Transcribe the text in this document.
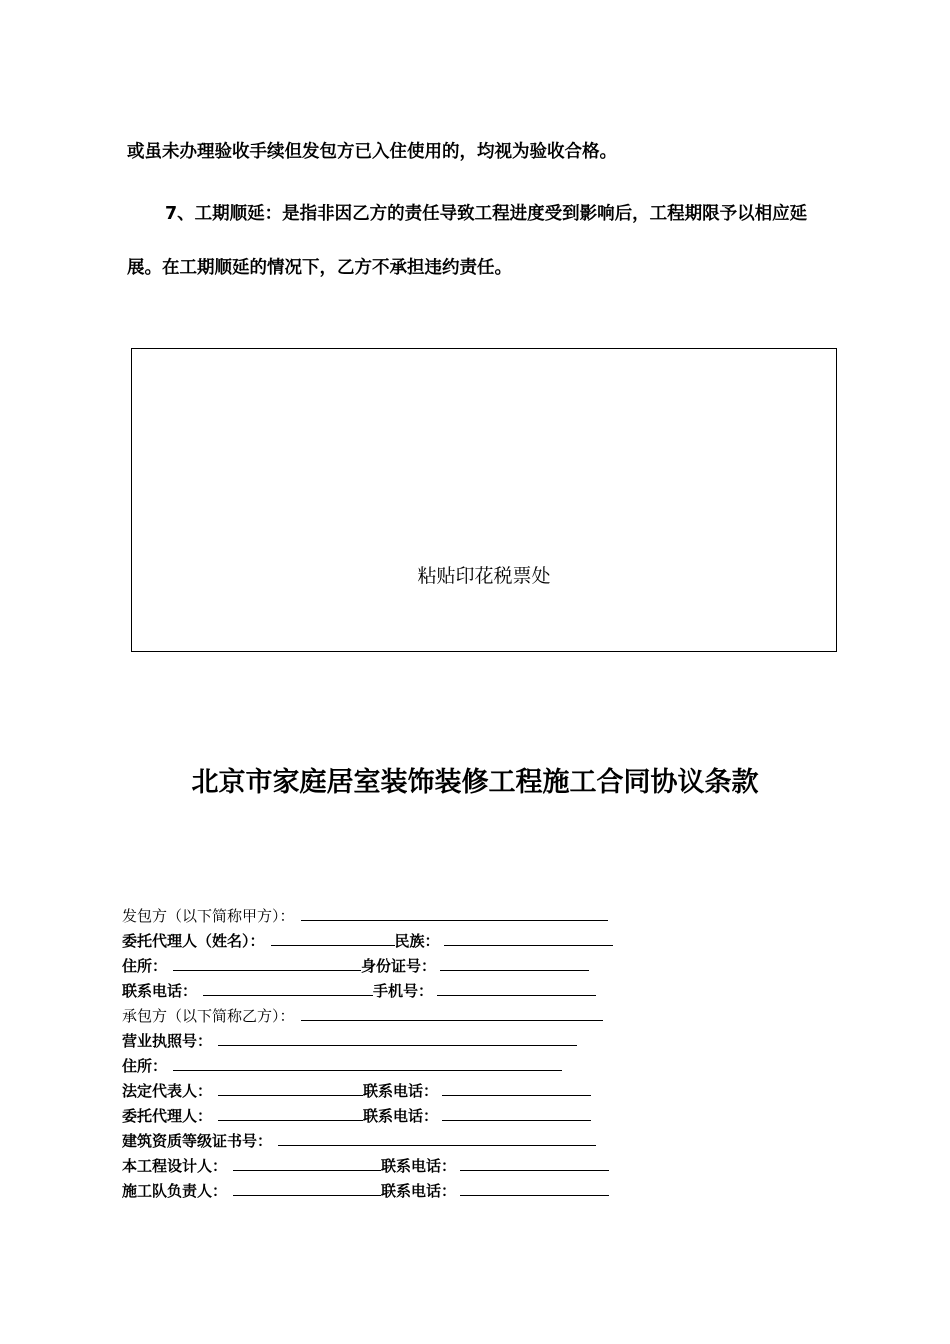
或虽未办理验收手续但发包方已入住使用的，均视为验收合格。

7、工期顺延：是指非因乙方的责任导致工程进度受到影响后，工程期限予以相应延展。在工期顺延的情况下，乙方不承担违约责任。

粘贴印花税票处
北京市家庭居室装饰装修工程施工合同协议条款
发包方（以下简称甲方）：
委托代理人（姓名）：	民族：
住所：	身份证号：
联系电话：	手机号：
承包方（以下简称乙方）：
营业执照号：
住所：
法定代表人：	联系电话：
委托代理人：	联系电话：
建筑资质等级证书号：
本工程设计人：	联系电话：
施工队负责人：	联系电话：
